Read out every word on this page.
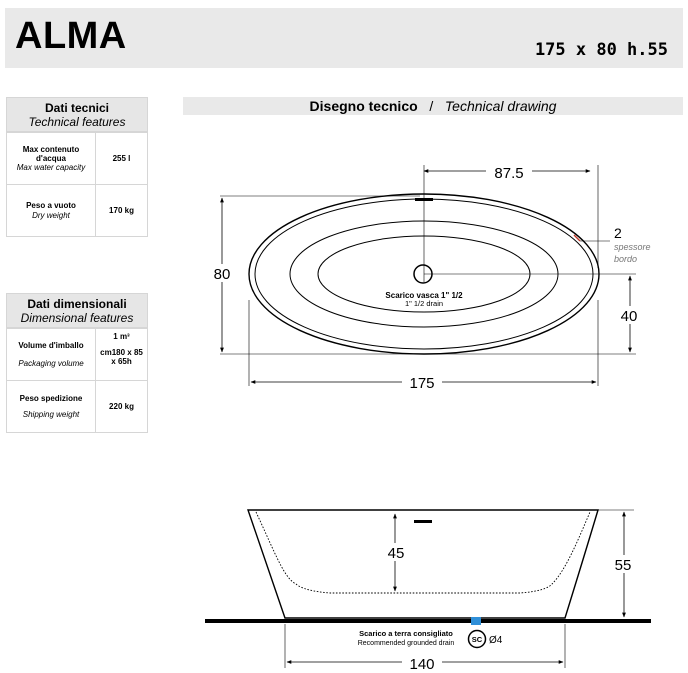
ALMA	175 x 80 h.55
Dati tecnici
Technical features
Max contenuto d'acqua
Max water capacity
255 l
Peso a vuoto
Dry weight
170 kg
Dati dimensionali
Dimensional features
Volume d'imballo
Packaging volume
1 m³
cm180 x 85 x 65h
Peso spedizione
Shipping weight
220 kg
Disegno tecnico / Technical drawing
87.5
80
175
40
2
spessore
bordo
Scarico vasca 1" 1/2
1" 1/2 drain
45
55
140
Scarico a terra consigliato
Recommended grounded drain SC Ø4
